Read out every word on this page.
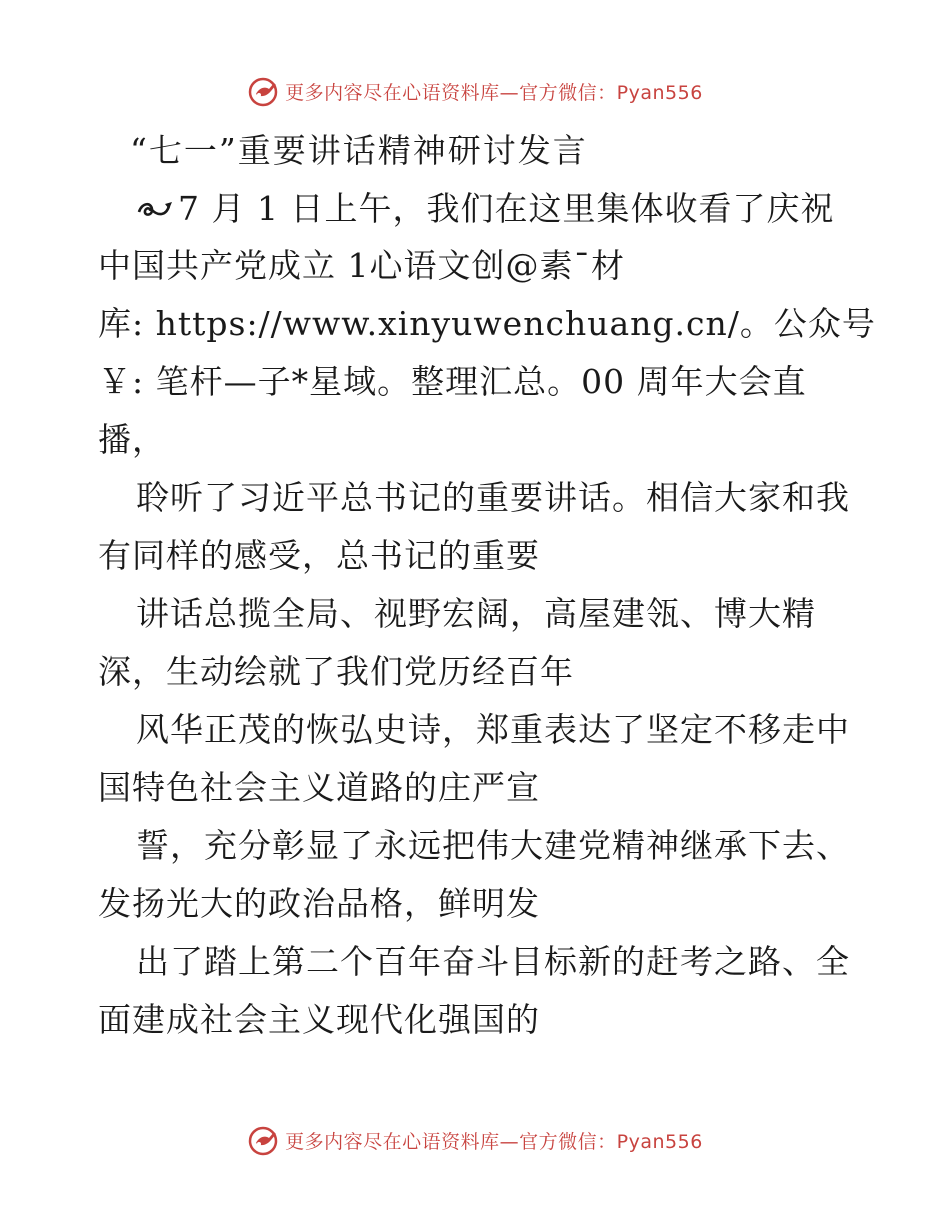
更多内容尽在心语资料库—官方微信：Pyan556
“七一”重要讲话精神研讨发言
7 月 1 日上午，我们在这里集体收看了庆祝
中国共产党成立 1心语文创@素¯材
库: https://www.xinyuwenchuang.cn/。公众号
￥: 笔杆—子*星域。整理汇总。00 周年大会直
播，
聆听了习近平总书记的重要讲话。相信大家和我
有同样的感受，总书记的重要
讲话总揽全局、视野宏阔，高屋建瓴、博大精
深，生动绘就了我们党历经百年
风华正茂的恢弘史诗，郑重表达了坚定不移走中
国特色社会主义道路的庄严宣
誓，充分彰显了永远把伟大建党精神继承下去、
发扬光大的政治品格，鲜明发
出了踏上第二个百年奋斗目标新的赶考之路、全
面建成社会主义现代化强国的
更多内容尽在心语资料库—官方微信：Pyan556
